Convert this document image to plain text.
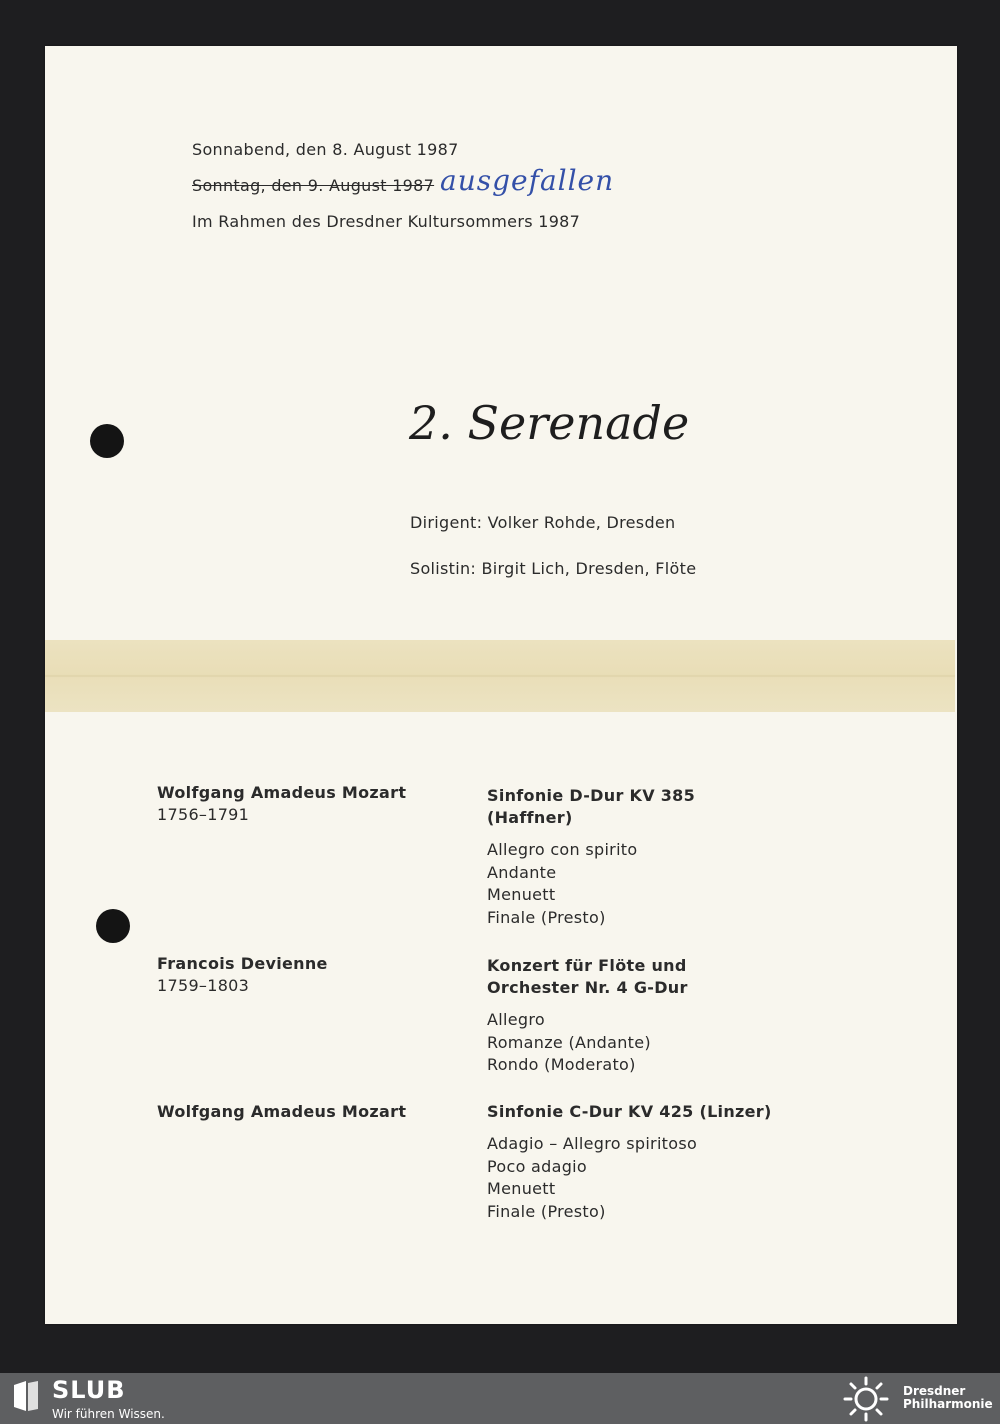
Sonnabend, den 8. August 1987
Sonntag, den 9. August 1987 ausgefallen
Im Rahmen des Dresdner Kultursommers 1987
2. Serenade
Dirigent: Volker Rohde, Dresden
Solistin: Birgit Lich, Dresden, Flöte
Wolfgang Amadeus Mozart
1756–1791
Sinfonie D-Dur KV 385
(Haffner)
Allegro con spirito
Andante
Menuett
Finale (Presto)
Francois Devienne
1759–1803
Konzert für Flöte und
Orchester Nr. 4 G-Dur
Allegro
Romanze (Andante)
Rondo (Moderato)
Wolfgang Amadeus Mozart	Sinfonie C-Dur KV 425 (Linzer)
Adagio – Allegro spiritoso
Poco adagio
Menuett
Finale (Presto)
SLUB
Wir führen Wissen.
Dresdner
Philharmonie
